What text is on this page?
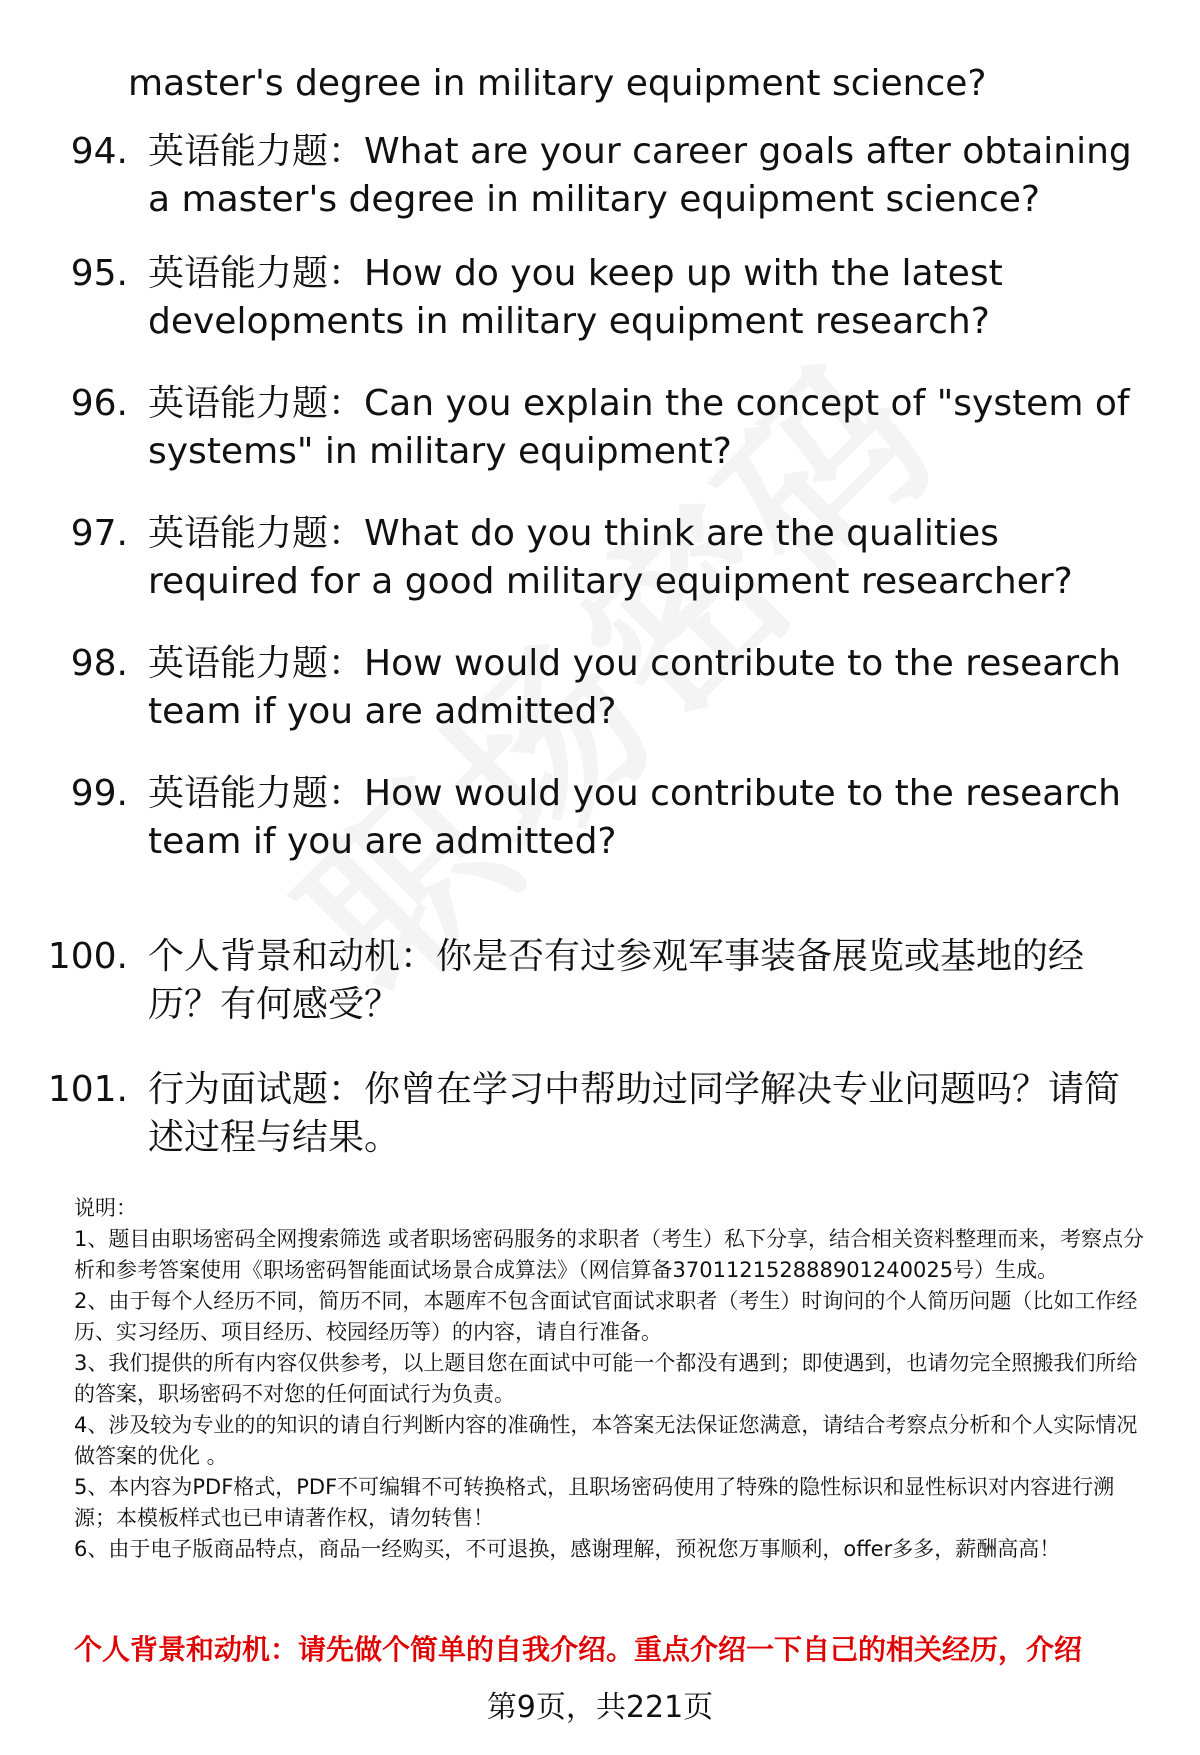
master's degree in military equipment science?
94. 英语能力题：What are your career goals after obtaining a master's degree in military equipment science?
95. 英语能力题：How do you keep up with the latest developments in military equipment research?
96. 英语能力题：Can you explain the concept of "system of systems" in military equipment?
97. 英语能力题：What do you think are the qualities required for a good military equipment researcher?
98. 英语能力题：How would you contribute to the research team if you are admitted?
99. 英语能力题：How would you contribute to the research team if you are admitted?
100. 个人背景和动机：你是否有过参观军事装备展览或基地的经历？有何感受？
101. 行为面试题：你曾在学习中帮助过同学解决专业问题吗？请简述过程与结果。
说明：
1、题目由职场密码全网搜索筛选 或者职场密码服务的求职者（考生）私下分享，结合相关资料整理而来，考察点分析和参考答案使用《职场密码智能面试场景合成算法》（网信算备370112152888901240025号）生成。
2、由于每个人经历不同，简历不同，本题库不包含面试官面试求职者（考生）时询问的个人简历问题（比如工作经历、实习经历、项目经历、校园经历等）的内容，请自行准备。
3、我们提供的所有内容仅供参考，以上题目您在面试中可能一个都没有遇到；即使遇到，也请勿完全照搬我们所给的答案，职场密码不对您的任何面试行为负责。
4、涉及较为专业的的知识的请自行判断内容的准确性，本答案无法保证您满意，请结合考察点分析和个人实际情况做答案的优化 。
5、本内容为PDF格式，PDF不可编辑不可转换格式，且职场密码使用了特殊的隐性标识和显性标识对内容进行溯源；本模板样式也已申请著作权，请勿转售！
6、由于电子版商品特点，商品一经购买，不可退换，感谢理解，预祝您万事顺利，offer多多，薪酬高高！
个人背景和动机：请先做个简单的自我介绍。重点介绍一下自己的相关经历，介绍
第9页，共221页
